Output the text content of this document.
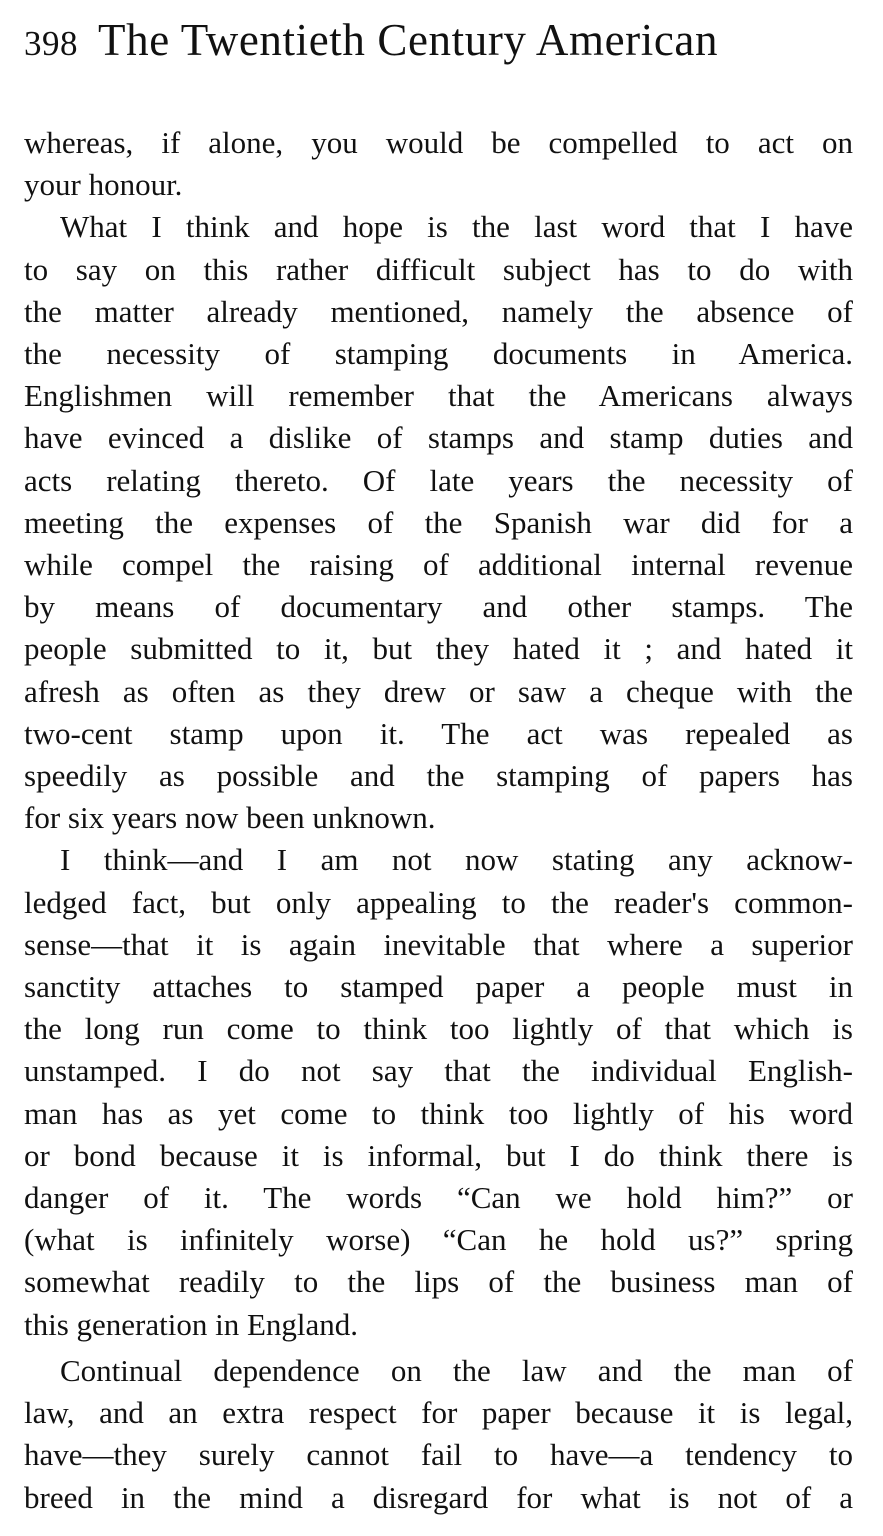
398 The Twentieth Century American

whereas, if alone, you would be compelled to act on

your honour.

What I think and hope is the last word that I have

to say on this rather difficult subject has to do with

the matter already mentioned, namely the absence of

the necessity of stamping documents in America.

Englishmen will remember that the Americans always

have evinced a dislike of stamps and stamp duties and

acts relating thereto. Of late years the necessity of

meeting the expenses of the Spanish war did for a

while compel the raising of additional internal revenue

by means of documentary and other stamps. The

people submitted to it, but they hated it ; and hated it

afresh as often as they drew or saw a cheque with the

two-cent stamp upon it. The act was repealed as

speedily as possible and the stamping of papers has

for six years now been unknown.

I think—and I am not now stating any acknow-

ledged fact, but only appealing to the reader's common-

sense—that it is again inevitable that where a superior

sanctity attaches to stamped paper a people must in

the long run come to think too lightly of that which is

unstamped. I do not say that the individual English-

man has as yet come to think too lightly of his word

or bond because it is informal, but I do think there is

danger of it. The words “Can we hold him?” or

(what is infinitely worse) “Can he hold us?” spring

somewhat readily to the lips of the business man of

this generation in England.

Continual dependence on the law and the man of

law, and an extra respect for paper because it is legal,

have—they surely cannot fail to have—a tendency to

breed in the mind a disregard for what is not of a
